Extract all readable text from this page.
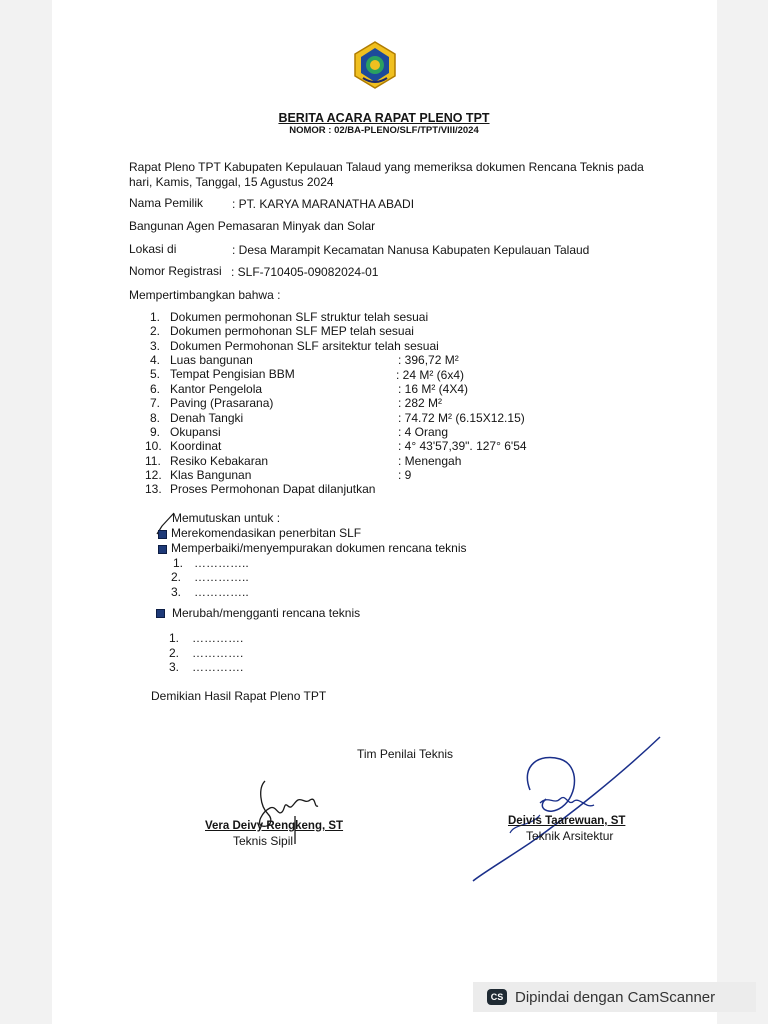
BERITA ACARA RAPAT PLENO TPT
NOMOR : 02/BA-PLENO/SLF/TPT/VIII/2024
Rapat Pleno TPT Kabupaten Kepulauan Talaud yang memeriksa dokumen Rencana Teknis pada
hari, Kamis, Tanggal, 15 Agustus 2024
Nama Pemilik : PT. KARYA MARANATHA ABADI
Bangunan Agen Pemasaran Minyak dan Solar
Lokasi di	: Desa Marampit Kecamatan Nanusa Kabupaten Kepulauan Talaud
Nomor Registrasi : SLF-710405-09082024-01
Mempertimbangkan bahwa :
1. Dokumen permohonan SLF struktur telah sesuai
2. Dokumen permohonan SLF MEP telah sesuai
3. Dokumen Permohonan SLF arsitektur telah sesuai
4. Luas bangunan	: 396,72 M²
5. Tempat Pengisian BBM	: 24 M² (6x4)
6. Kantor Pengelola	: 16 M² (4X4)
7. Paving (Prasarana)	: 282 M²
8. Denah Tangki	: 74.72 M² (6.15X12.15)
9. Okupansi	: 4 Orang
10. Koordinat	: 4° 43'57,39". 127° 6'54
11. Resiko Kebakaran	: Menengah
12. Klas Bangunan	: 9
13. Proses Permohonan Dapat dilanjutkan
Memutuskan untuk :
Merekomendasikan penerbitan SLF
Memperbaiki/menyempurakan dokumen rencana teknis
1. …………..
2. …………..
3. …………..
Merubah/mengganti rencana teknis
1. ………….
2. ………….
3. ………….
Demikian Hasil Rapat Pleno TPT
Tim Penilai Teknis
Vera Deivy Rengkeng, ST
Teknis Sipil
Deivis Taarewuan, ST
Teknik Arsitektur
CS Dipindai dengan CamScanner
